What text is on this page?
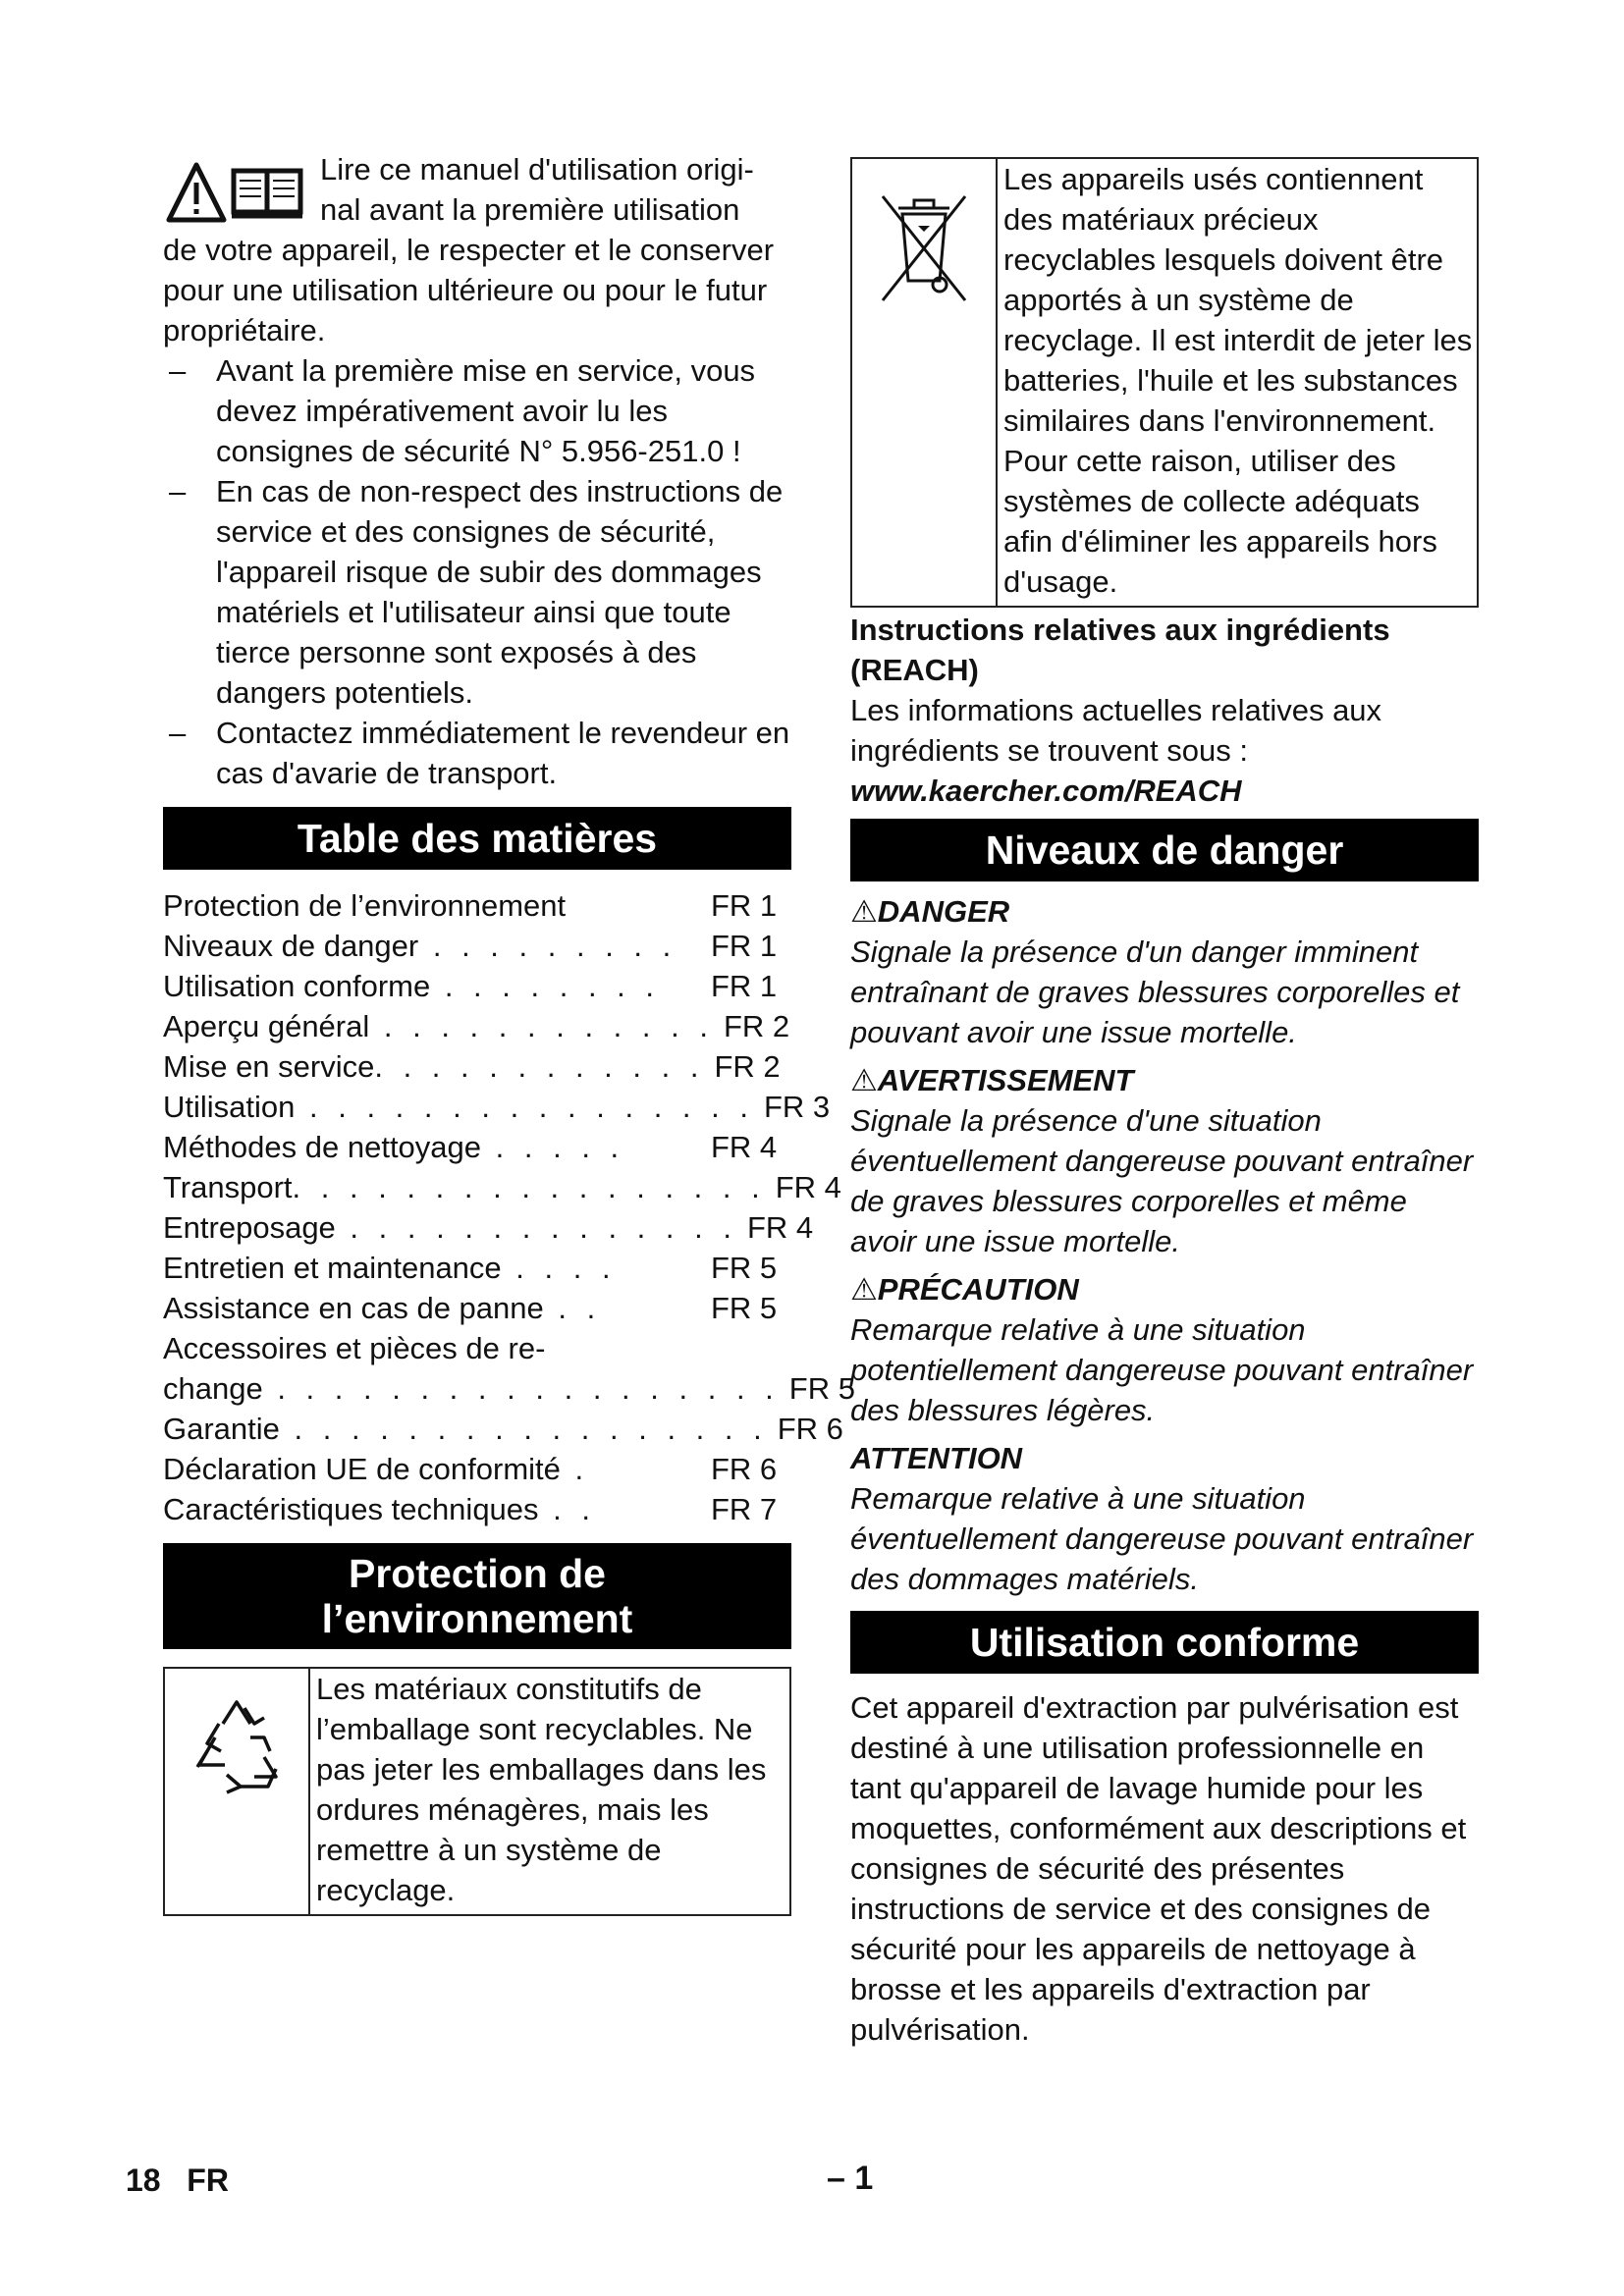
Lire ce manuel d'utilisation origi-

nal avant la première utilisation

de votre appareil, le respecter et le conserver pour une utilisation ultérieure ou pour le futur propriétaire.

– Avant la première mise en service, vous devez impérativement avoir lu les consignes de sécurité N° 5.956-251.0 !
– En cas de non-respect des instructions de service et des consignes de sécurité, l'appareil risque de subir des dommages matériels et l'utilisateur ainsi que toute tierce personne sont exposés à des dangers potentiels.
– Contactez immédiatement le revendeur en cas d'avarie de transport.
Table des matières
Protection de l’environnement	FR 1
Niveaux de danger . . . . . . . . .	FR 1
Utilisation conforme . . . . . . . .	FR 1
Aperçu général . . . . . . . . . . . . FR 2
Mise en service. . . . . . . . . . . . FR 2
Utilisation . . . . . . . . . . . . . . . . FR 3
Méthodes de nettoyage . . . . .	FR 4
Transport. . . . . . . . . . . . . . . . . FR 4
Entreposage . . . . . . . . . . . . . . FR 4
Entretien et maintenance . . . .	FR 5
Assistance en cas de panne . .	FR 5
Accessoires et pièces de re-
change . . . . . . . . . . . . . . . . . . FR 5
Garantie . . . . . . . . . . . . . . . . . FR 6
Déclaration UE de conformité .	FR 6
Caractéristiques techniques . .	FR 7
Protection de
l’environnement
Les matériaux constitutifs de l’emballage sont recyclables. Ne pas jeter les emballages dans les ordures ménagères, mais les remettre à un système de recyclage.
Les appareils usés contiennent des matériaux précieux recyclables lesquels doivent être apportés à un système de recyclage. Il est interdit de jeter les batteries, l'huile et les substances similaires dans l'environnement. Pour cette raison, utiliser des systèmes de collecte adéquats afin d'éliminer les appareils hors d'usage.

Instructions relatives aux ingrédients (REACH)

Les informations actuelles relatives aux ingrédients se trouvent sous :

www.kaercher.com/REACH

Niveaux de danger
⚠DANGER

Signale la présence d'un danger imminent entraînant de graves blessures corporelles et pouvant avoir une issue mortelle.

⚠AVERTISSEMENT

Signale la présence d'une situation éventuellement dangereuse pouvant entraîner de graves blessures corporelles et même avoir une issue mortelle.

⚠PRÉCAUTION

Remarque relative à une situation potentiellement dangereuse pouvant entraîner des blessures légères.

ATTENTION

Remarque relative à une situation éventuellement dangereuse pouvant entraîner des dommages matériels.

Utilisation conforme

Cet appareil d'extraction par pulvérisation est destiné à une utilisation professionnelle en tant qu'appareil de lavage humide pour les moquettes, conformément aux descriptions et consignes de sécurité des présentes instructions de service et des consignes de sécurité pour les appareils de nettoyage à brosse et les appareils d'extraction par pulvérisation.

18   FR	– 1
